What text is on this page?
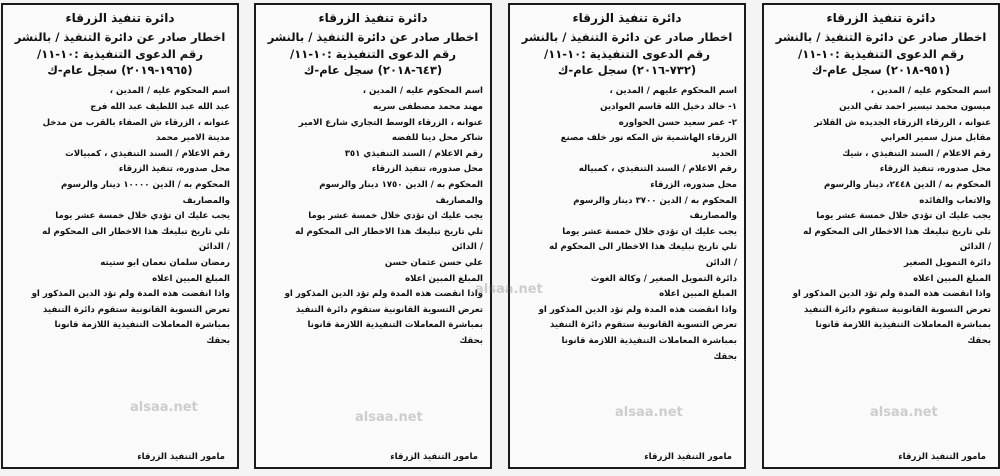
دائرة تنفيذ الزرقاء
اخطار صادر عن دائرة التنفيذ / بالنشر
رقم الدعوى التنفيذية :١٠-١١/
(٩٥١-٢٠١٨) سجل عام-ك
اسم المحكوم عليه / المدين ،
ميسون محمد تيسير احمد تقي الدين
عنوانه ، الزرقاء الزرقاء الجديده ش القلاتر
مقابل منزل سمير العرابي
رقم الاعلام / السند التنفيذي ، شيك
محل صدوره، تنفيذ الزرقاء
المحكوم به / الدين ٢٤٤٨، دينار والرسوم
والاتعاب والفائده
يجب عليك ان تؤدي خلال خمسة عشر يوما
تلي تاريخ تبليغك هذا الاخطار الى المحكوم له
/ الدائن
دائرة التمويل الصغير
المبلغ المبين اعلاه
واذا انقضت هذه المدة ولم تؤد الدين المذكور او
تعرض التسوية القانونية ستقوم دائرة التنفيذ
بمباشرة المعاملات التنفيذية اللازمة قانونا
بحقك
مامور التنفيذ الزرقاء
دائرة تنفيذ الزرقاء
اخطار صادر عن دائرة التنفيذ / بالنشر
رقم الدعوى التنفيذية :١٠-١١/
(٧٣٢-٢٠١٦) سجل عام-ك
اسم المحكوم عليهم / المدين ،
١- خالد دخيل الله قاسم العوادين
٢- عمر سعيد حسن الحواوره
الزرقاء الهاشمية ش المكه نور خلف مصنع
الحديد
رقم الاعلام / السند التنفيذي ، كمبياله
محل صدوره، الزرقاء
المحكوم به / الدين ٣٧٠٠ دينار والرسوم
والمصاريف
يجب عليك ان تؤدي خلال خمسة عشر يوما
تلي تاريخ تبليغك هذا الاخطار الى المحكوم له
/ الدائن
دائرة التمويل الصغير / وكالة الغوث
المبلغ المبين اعلاه
واذا انقضت هذه المدة ولم تؤد الدين المذكور او
تعرض التسوية القانونية ستقوم دائرة التنفيذ
بمباشرة المعاملات التنفيذية اللازمة قانونا
بحقك
مامور التنفيذ الزرقاء
دائرة تنفيذ الزرقاء
اخطار صادر عن دائرة التنفيذ / بالنشر
رقم الدعوى التنفيذية :١٠-١١/
(٦٤٣-٢٠١٨) سجل عام-ك
اسم المحكوم عليه / المدين ،
مهند محمد مصطفى سريه
عنوانه ، الزرقاء الوسط التجاري شارع الامير
شاكر محل دينا للفضه
رقم الاعلام / السند التنفيذي ٣٥١
محل صدوره، تنفيذ الزرقاء
المحكوم به / الدين ١٧٥٠ دينار والرسوم
والمصاريف
يجب عليك ان تؤدي خلال خمسة عشر يوما
تلي تاريخ تبليغك هذا الاخطار الى المحكوم له
/ الدائن
علي حسن عثمان حسن
المبلغ المبين اعلاه
واذا انقضت هذه المدة ولم تؤد الدين المذكور او
تعرض التسوية القانونية ستقوم دائرة التنفيذ
بمباشرة المعاملات التنفيذية اللازمة قانونا
بحقك
مامور التنفيذ الزرقاء
دائرة تنفيذ الزرقاء
اخطار صادر عن دائرة التنفيذ / بالنشر
رقم الدعوى التنفيذية :١٠-١١/
(١٩٦٥-٢٠١٩) سجل عام-ك
اسم المحكوم عليه / المدين ،
عبد الله عبد اللطيف عبد الله فرج
عنوانه ، الزرقاء ش الصفاء بالقرب من مدخل
مدينة الامير محمد
رقم الاعلام / السند التنفيذي ، كمبيالات
محل صدوره، تنفيذ الزرقاء
المحكوم به / الدين ١٠٠٠٠ دينار والرسوم
والمصاريف
يجب عليك ان تؤدي خلال خمسة عشر يوما
تلي تاريخ تبليغك هذا الاخطار الى المحكوم له
/ الدائن
رمضان سلمان نعمان ابو ستيته
المبلغ المبين اعلاه
واذا انقضت هذه المدة ولم تؤد الدين المذكور او
تعرض التسوية القانونية ستقوم دائرة التنفيذ
بمباشرة المعاملات التنفيذية اللازمة قانونا
بحقك
مامور التنفيذ الزرقاء
alsaa.net
alsaa.net
alsaa.net	alsaa.net	alsaa.net
